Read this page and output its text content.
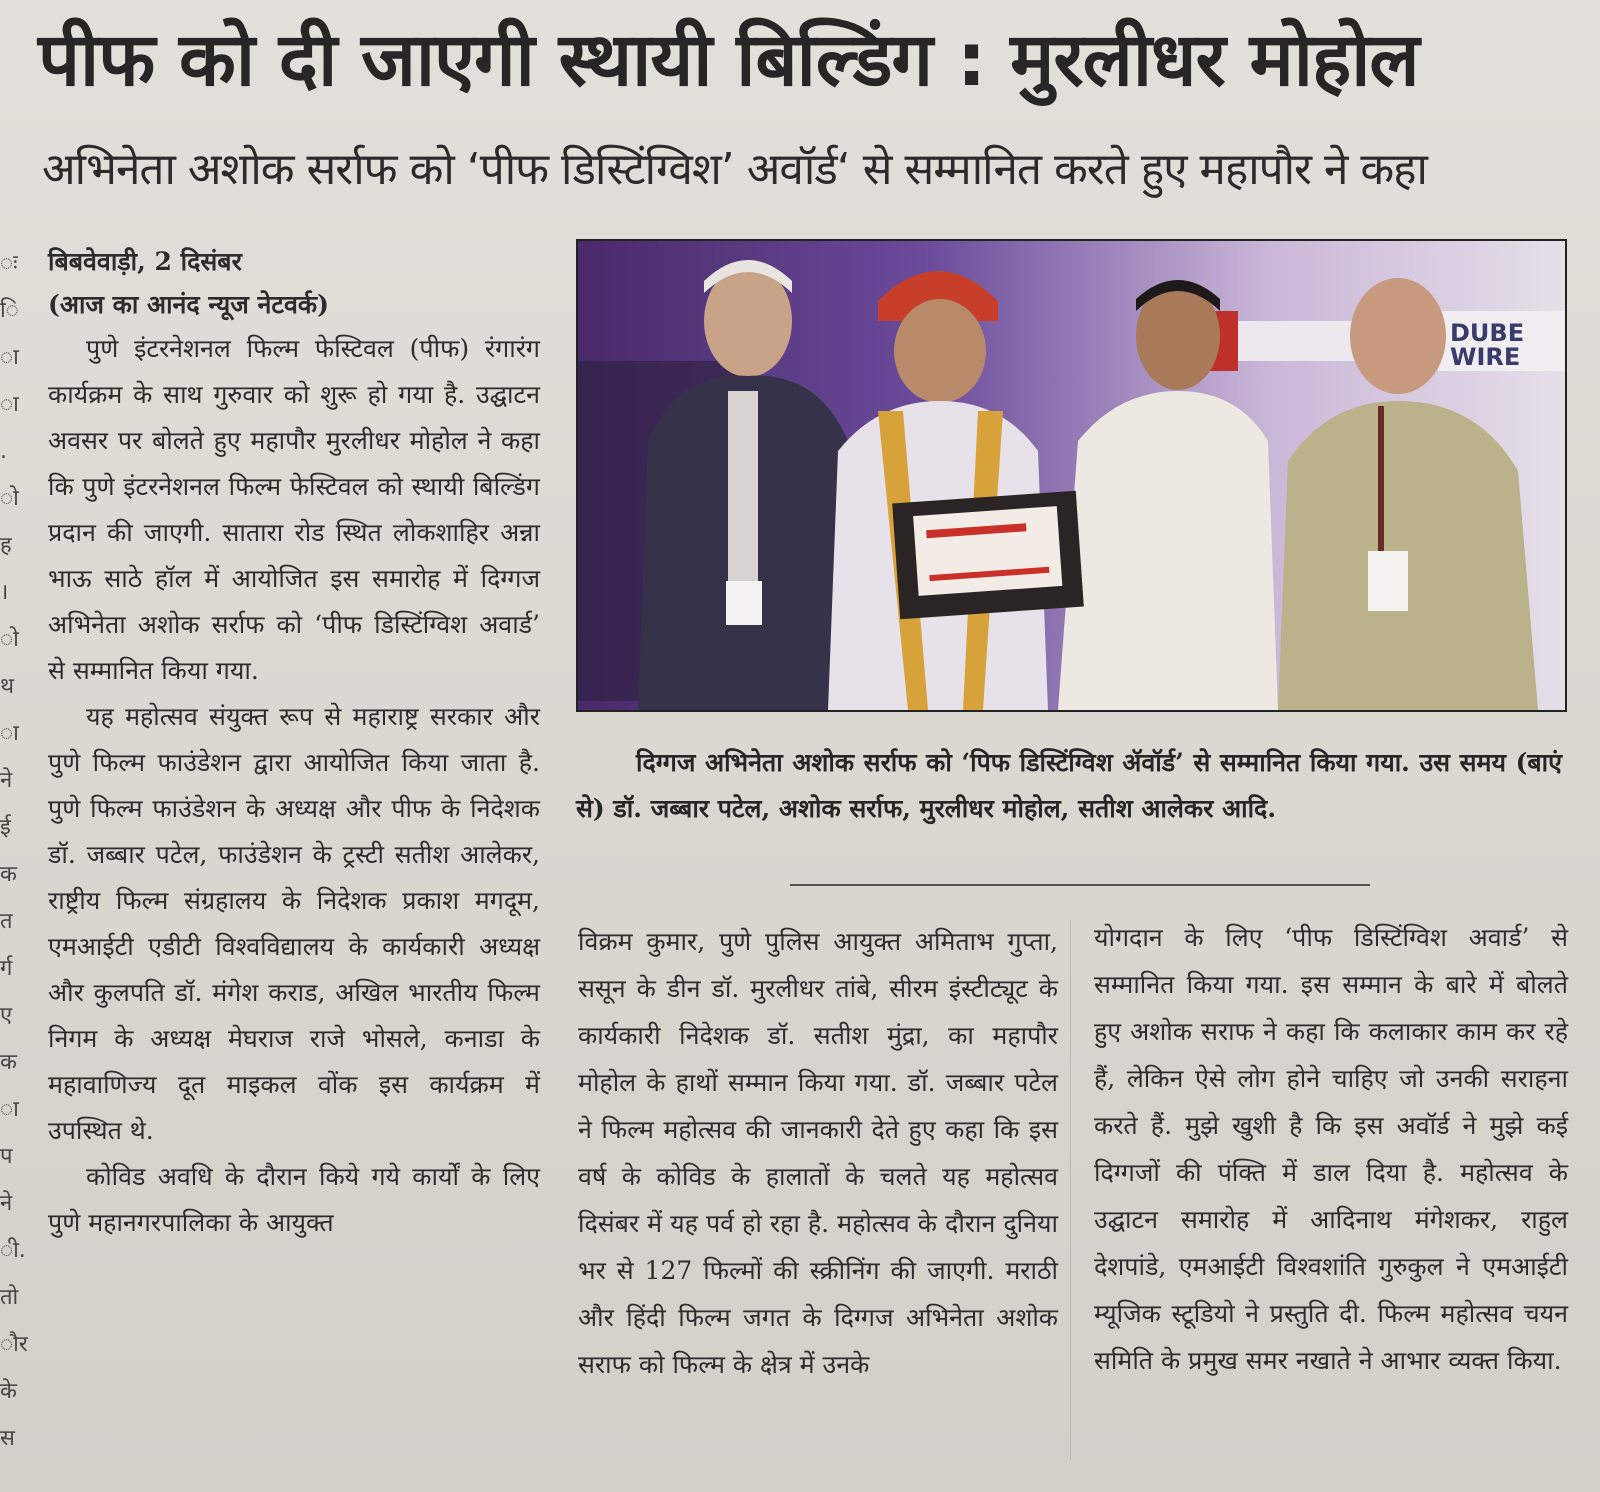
पीफ को दी जाएगी स्थायी बिल्डिंग : मुरलीधर मोहोल
अभिनेता अशोक सर्राफ को ‘पीफ डिस्टिंग्विश’ अवॉर्ड‘ से सम्मानित करते हुए महापौर ने कहा
ः
ि
ा
ा
.
ो
ह
।
ो
थ
ा
ने
ई
क
त
र्ग
ए
क
ा
प
ने
ी.
तो
ौर
के
स
बिबवेवाड़ी, 2 दिसंबर
(आज का आनंद न्यूज नेटवर्क)

पुणे इंटरनेशनल फिल्म फेस्टिवल (पीफ) रंगारंग कार्यक्रम के साथ गुरुवार को शुरू हो गया है. उद्घाटन अवसर पर बोलते हुए महापौर मुरलीधर मोहोल ने कहा कि पुणे इंटरनेशनल फिल्म फेस्टिवल को स्थायी बिल्डिंग प्रदान की जाएगी. सातारा रोड स्थित लोकशाहिर अन्ना भाऊ साठे हॉल में आयोजित इस समारोह में दिग्गज अभिनेता अशोक सर्राफ को ‘पीफ डिस्टिंग्विश अवार्ड’ से सम्मानित किया गया.

यह महोत्सव संयुक्त रूप से महाराष्ट्र सरकार और पुणे फिल्म फाउंडेशन द्वारा आयोजित किया जाता है. पुणे फिल्म फाउंडेशन के अध्यक्ष और पीफ के निदेशक डॉ. जब्बार पटेल, फाउंडेशन के ट्रस्टी सतीश आलेकर, राष्ट्रीय फिल्म संग्रहालय के निदेशक प्रकाश मगदूम, एमआईटी एडीटी विश्वविद्यालय के कार्यकारी अध्यक्ष और कुलपति डॉ. मंगेश कराड, अखिल भारतीय फिल्म निगम के अध्यक्ष मेघराज राजे भोसले, कनाडा के महावाणिज्य दूत माइकल वोंक इस कार्यक्रम में उपस्थित थे.

कोविड अवधि के दौरान किये गये कार्यों के लिए पुणे महानगरपालिका के आयुक्त

DUBE
WIRE
दिग्गज अभिनेता अशोक सर्राफ को ‘पिफ डिस्टिंग्विश ॲवॉर्ड’ से सम्मानित किया गया. उस समय (बाएं से) डॉ. जब्बार पटेल, अशोक सर्राफ, मुरलीधर मोहोल, सतीश आलेकर आदि.
विक्रम कुमार, पुणे पुलिस आयुक्त अमिताभ गुप्ता, ससून के डीन डॉ. मुरलीधर तांबे, सीरम इंस्टीट्यूट के कार्यकारी निदेशक डॉ. सतीश मुंद्रा, का महापौर मोहोल के हाथों सम्मान किया गया. डॉ. जब्बार पटेल ने फिल्म महोत्सव की जानकारी देते हुए कहा कि इस वर्ष के कोविड के हालातों के चलते यह महोत्सव दिसंबर में यह पर्व हो रहा है. महोत्सव के दौरान दुनिया भर से 127 फिल्मों की स्क्रीनिंग की जाएगी. मराठी और हिंदी फिल्म जगत के दिग्गज अभिनेता अशोक सराफ को फिल्म के क्षेत्र में उनके
योगदान के लिए ‘पीफ डिस्टिंग्विश अवार्ड’ से सम्मानित किया गया. इस सम्मान के बारे में बोलते हुए अशोक सराफ ने कहा कि कलाकार काम कर रहे हैं, लेकिन ऐसे लोग होने चाहिए जो उनकी सराहना करते हैं. मुझे खुशी है कि इस अवॉर्ड ने मुझे कई दिग्गजों की पंक्ति में डाल दिया है. महोत्सव के उद्घाटन समारोह में आदिनाथ मंगेशकर, राहुल देशपांडे, एमआईटी विश्वशांति गुरुकुल ने एमआईटी म्यूजिक स्टूडियो ने प्रस्तुति दी. फिल्म महोत्सव चयन समिति के प्रमुख समर नखाते ने आभार व्यक्त किया.
